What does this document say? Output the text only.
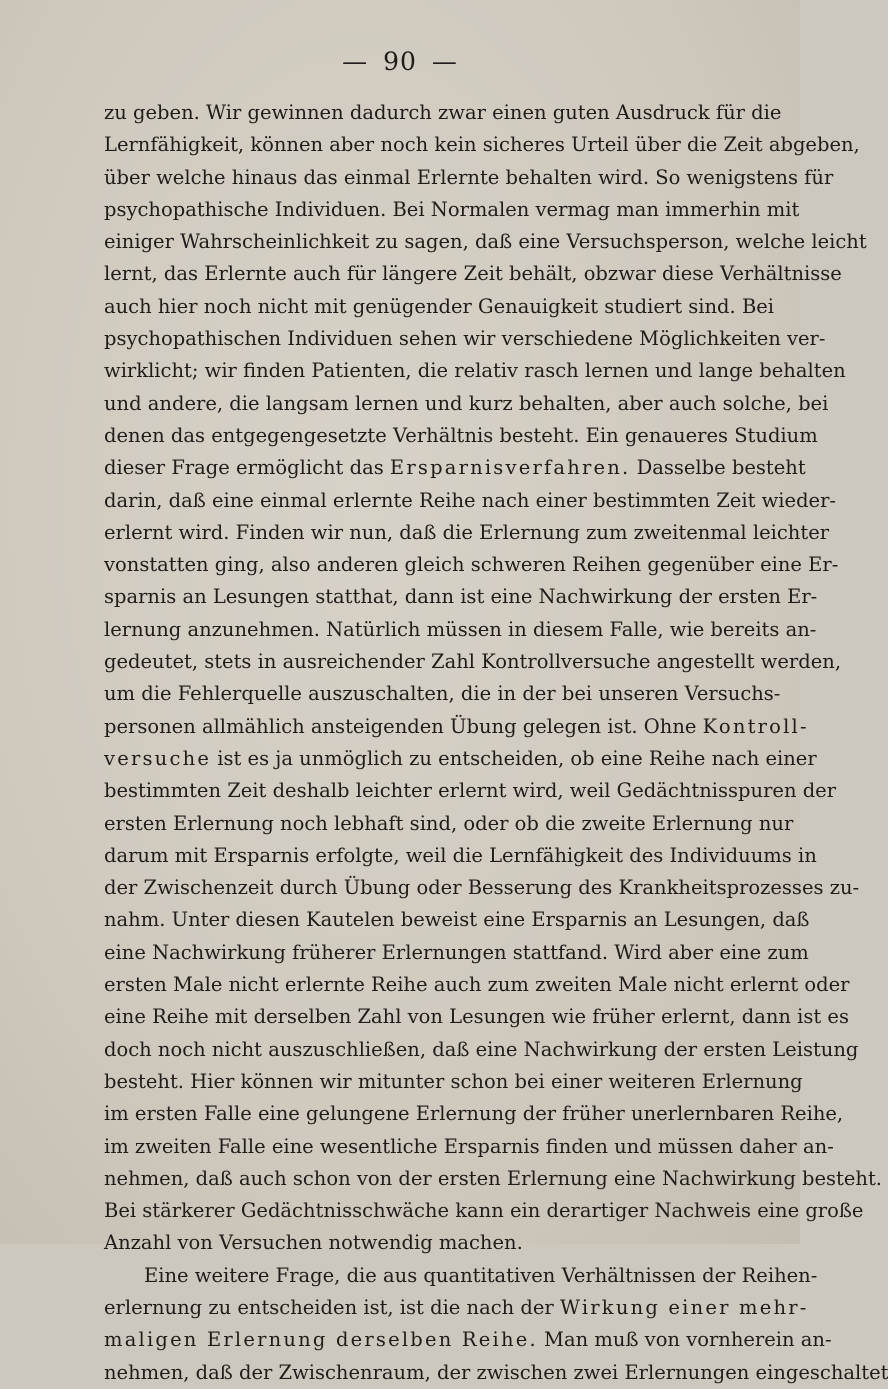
— 90 —
zu geben. Wir gewinnen dadurch zwar einen guten Ausdruck für die
Lernfähigkeit, können aber noch kein sicheres Urteil über die Zeit abgeben,
über welche hinaus das einmal Erlernte behalten wird. So wenigstens für
psychopathische Individuen. Bei Normalen vermag man immerhin mit
einiger Wahrscheinlichkeit zu sagen, daß eine Versuchsperson, welche leicht
lernt, das Erlernte auch für längere Zeit behält, obzwar diese Verhältnisse
auch hier noch nicht mit genügender Genauigkeit studiert sind. Bei
psychopathischen Individuen sehen wir verschiedene Möglichkeiten ver-
wirklicht; wir finden Patienten, die relativ rasch lernen und lange behalten
und andere, die langsam lernen und kurz behalten, aber auch solche, bei
denen das entgegengesetzte Verhältnis besteht. Ein genaueres Studium
dieser Frage ermöglicht das Ersparnisverfahren. Dasselbe besteht
darin, daß eine einmal erlernte Reihe nach einer bestimmten Zeit wieder-
erlernt wird. Finden wir nun, daß die Erlernung zum zweitenmal leichter
vonstatten ging, also anderen gleich schweren Reihen gegenüber eine Er-
sparnis an Lesungen statthat, dann ist eine Nachwirkung der ersten Er-
lernung anzunehmen. Natürlich müssen in diesem Falle, wie bereits an-
gedeutet, stets in ausreichender Zahl Kontrollversuche angestellt werden,
um die Fehlerquelle auszuschalten, die in der bei unseren Versuchs-
personen allmählich ansteigenden Übung gelegen ist. Ohne Kontroll-
versuche ist es ja unmöglich zu entscheiden, ob eine Reihe nach einer
bestimmten Zeit deshalb leichter erlernt wird, weil Gedächtnisspuren der
ersten Erlernung noch lebhaft sind, oder ob die zweite Erlernung nur
darum mit Ersparnis erfolgte, weil die Lernfähigkeit des Individuums in
der Zwischenzeit durch Übung oder Besserung des Krankheitsprozesses zu-
nahm. Unter diesen Kautelen beweist eine Ersparnis an Lesungen, daß
eine Nachwirkung früherer Erlernungen stattfand. Wird aber eine zum
ersten Male nicht erlernte Reihe auch zum zweiten Male nicht erlernt oder
eine Reihe mit derselben Zahl von Lesungen wie früher erlernt, dann ist es
doch noch nicht auszuschließen, daß eine Nachwirkung der ersten Leistung
besteht. Hier können wir mitunter schon bei einer weiteren Erlernung
im ersten Falle eine gelungene Erlernung der früher unerlernbaren Reihe,
im zweiten Falle eine wesentliche Ersparnis finden und müssen daher an-
nehmen, daß auch schon von der ersten Erlernung eine Nachwirkung besteht.
Bei stärkerer Gedächtnisschwäche kann ein derartiger Nachweis eine große
Anzahl von Versuchen notwendig machen.
Eine weitere Frage, die aus quantitativen Verhältnissen der Reihen-
erlernung zu entscheiden ist, ist die nach der Wirkung einer mehr-
maligen Erlernung derselben Reihe. Man muß von vornherein an-
nehmen, daß der Zwischenraum, der zwischen zwei Erlernungen eingeschaltet
